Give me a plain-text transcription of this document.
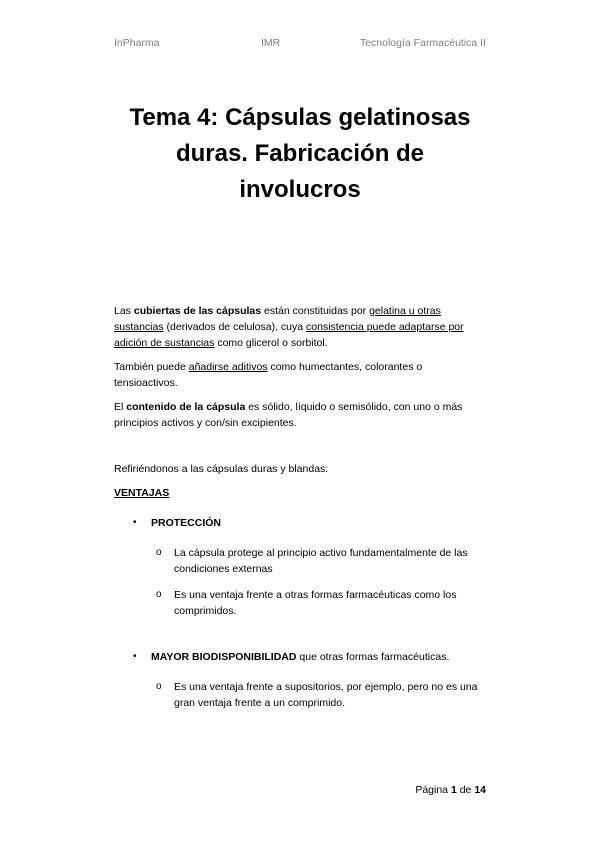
InPharma	IMR	Tecnología Farmacéutica II
Tema 4: Cápsulas gelatinosas
duras. Fabricación de
involucros

Las cubiertas de las cápsulas están constituidas por gelatina u otras sustancias (derivados de celulosa), cuya consistencia puede adaptarse por adición de sustancias como glicerol o sorbitol.

También puede añadirse aditivos como humectantes, colorantes o tensioactivos.

El contenido de la cápsula es sólido, líquido o semisólido, con uno o más principios activos y con/sin excipientes.

Refiriéndonos a las cápsulas duras y blandas:

VENTAJAS

• PROTECCIÓN
o La cápsula protege al principio activo fundamentalmente de las condiciones externas
o Es una ventaja frente a otras formas farmacéuticas como los comprimidos.
• MAYOR BIODISPONIBILIDAD que otras formas farmacéuticas.
o Es una ventaja frente a supositorios, por ejemplo, pero no es una gran ventaja frente a un comprimido.
Página 1 de 14
